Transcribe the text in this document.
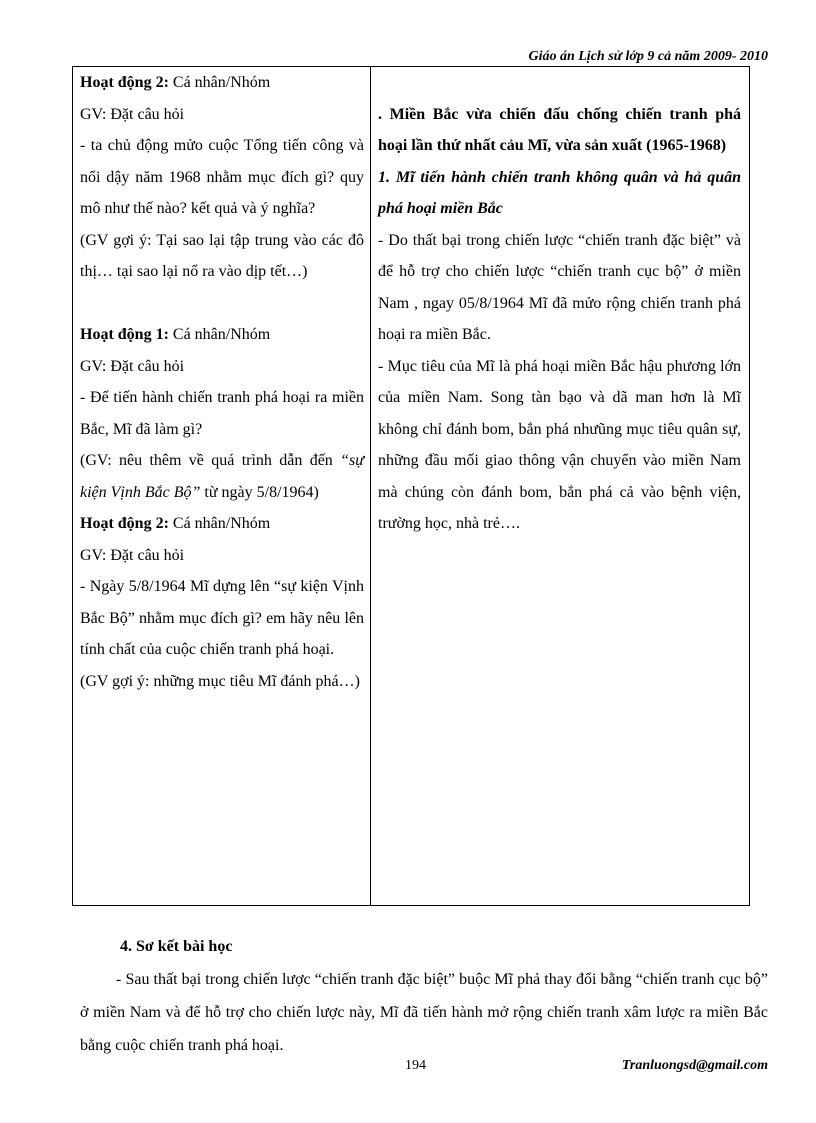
Giáo án Lịch sử lớp 9 cả năm 2009- 2010

Hoạt động 2: Cá nhân/Nhóm

GV: Đặt câu hỏi

- ta chủ động mửo cuộc Tổng tiến công và nổi dậy năm 1968 nhằm mục đích gì? quy mô như thế nào? kết quả và ý nghĩa?

(GV gợi ý: Tại sao lại tập trung vào các đô thị… tại sao lại nổ ra vào dịp tết…)

Hoạt động 1: Cá nhân/Nhóm

GV: Đặt câu hỏi

- Để tiến hành chiến tranh phá hoại ra miền Bắc, Mĩ đã làm gì?

(GV: nêu thêm về quá trình dẫn đến “sự kiện Vịnh Bắc Bộ” từ ngày 5/8/1964)

Hoạt động 2: Cá nhân/Nhóm

GV: Đặt câu hỏi

- Ngày 5/8/1964 Mĩ dựng lên “sự kiện Vịnh Bắc Bộ” nhằm mục đích gì? em hãy nêu lên tính chất của cuộc chiến tranh phá hoại.

(GV gợi ý: những mục tiêu Mĩ đánh phá…)

. Miền Bắc vừa chiến đấu chống chiến tranh phá hoại lần thứ nhất cảu Mĩ, vừa sản xuất (1965-1968)

1. Mĩ tiến hành chiến tranh không quân và hả quân phá hoại miền Bắc

- Do thất bại trong chiến lược “chiến tranh đặc biệt” và để hỗ trợ cho chiến lược “chiến tranh cục bộ” ở miền Nam , ngay 05/8/1964 Mĩ đã mửo rộng chiến tranh phá hoại ra miền Bắc.

- Mục tiêu của Mĩ là phá hoại miền Bắc hậu phương lớn của miền Nam. Song tàn bạo và dã man hơn là Mĩ không chỉ đánh bom, bắn phá nhưũng mục tiêu quân sự, những đầu mối giao thông vận chuyển vào miền Nam mà chúng còn đánh bom, bắn phá cả vào bệnh viện, trường học, nhà trẻ….

4. Sơ kết bài học

- Sau thất bại trong chiến lược “chiến tranh đặc biệt” buộc Mĩ phả thay đổi bằng “chiến tranh cục bộ” ở miền Nam và để hỗ trợ cho chiến lược này, Mĩ đã tiến hành mở rộng chiến tranh xâm lược ra miền Bắc bằng cuộc chiến tranh phá hoại.

194	Tranluongsd@gmail.com
